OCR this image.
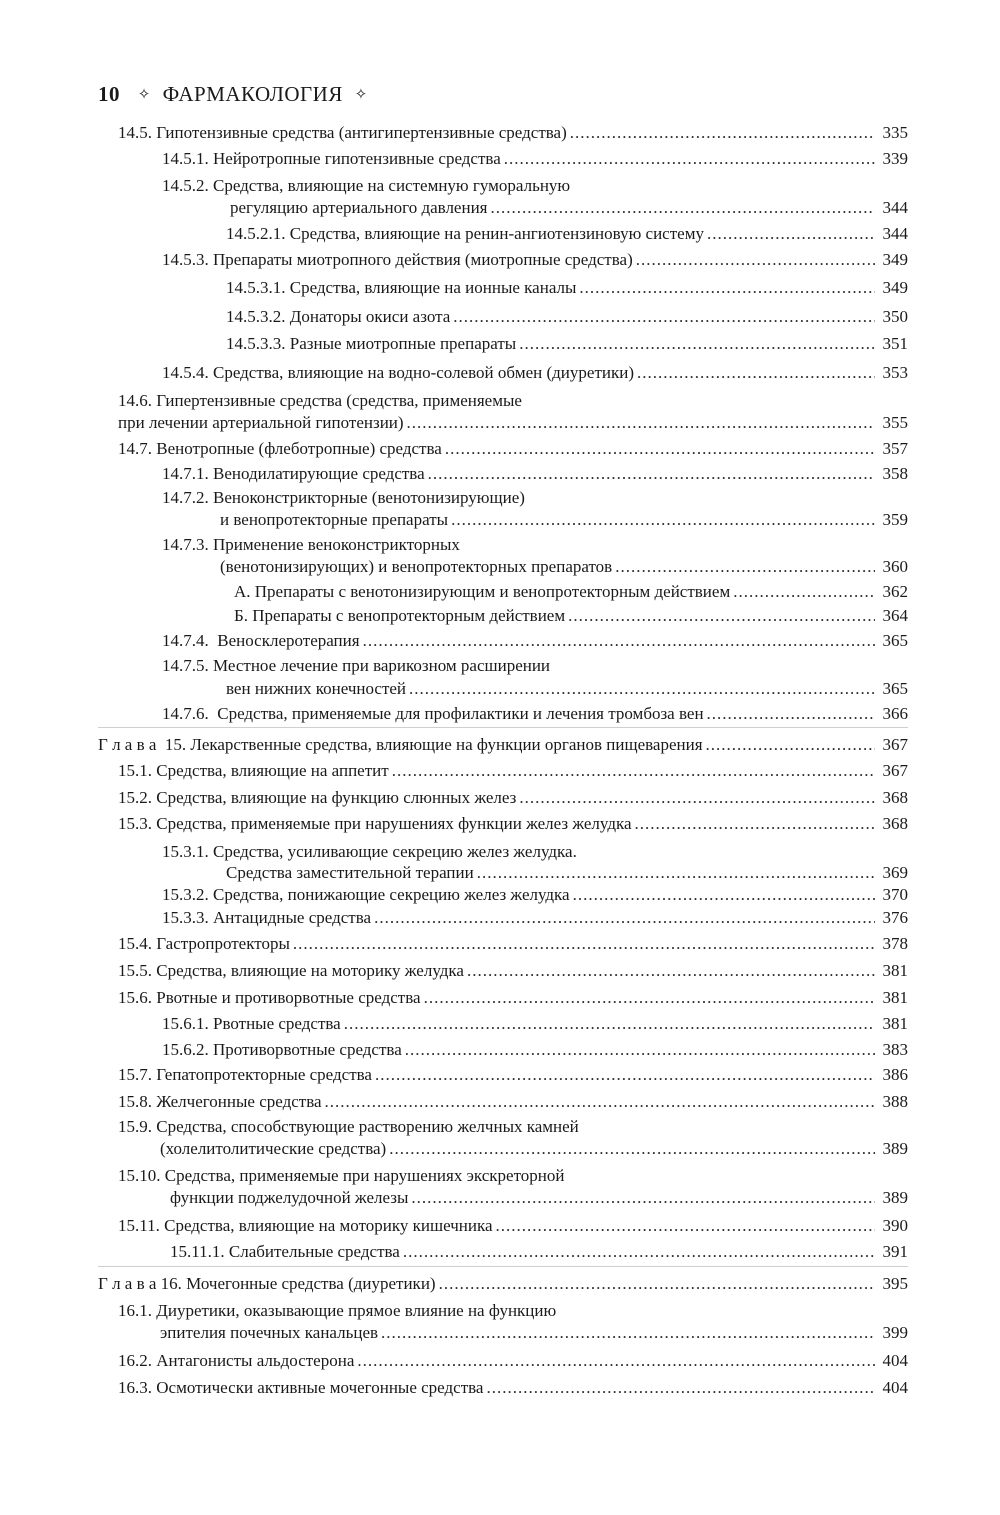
10 ✧ ФАРМАКОЛОГИЯ ✧
14.5. Гипотензивные средства (антигипертензивные средства) .....	335
14.5.1. Нейротропные гипотензивные средства .....	339
14.5.2. Средства, влияющие на системную гуморальную
регуляцию артериального давления .....	344
14.5.2.1. Средства, влияющие на ренин-ангиотензиновую систему .....	344
14.5.3. Препараты миотропного действия (миотропные средства) .....	349
14.5.3.1. Средства, влияющие на ионные каналы .....	349
14.5.3.2. Донаторы окиси азота .....	350
14.5.3.3. Разные миотропные препараты .....	351
14.5.4. Средства, влияющие на водно-солевой обмен (диуретики) .....	353
14.6. Гипертензивные средства (средства, применяемые
при лечении артериальной гипотензии) .....	355
14.7. Венотропные (флеботропные) средства .....	357
14.7.1. Венодилатирующие средства .....	358
14.7.2. Веноконстрикторные (венотонизирующие)
и венопротекторные препараты .....	359
14.7.3. Применение веноконстрикторных
(венотонизирующих) и венопротекторных препаратов .....	360
А. Препараты с венотонизирующим и венопротекторным действием .....	362
Б. Препараты с венопротекторным действием .....	364
14.7.4.  Веносклеротерапия .....	365
14.7.5. Местное лечение при варикозном расширении
вен нижних конечностей .....	365
14.7.6.  Средства, применяемые для профилактики и лечения тромбоза вен .....	366
Г л а в а  15. Лекарственные средства, влияющие на функции органов пищеварения .....	367
15.1. Средства, влияющие на аппетит .....	367
15.2. Средства, влияющие на функцию слюнных желез .....	368
15.3. Средства, применяемые при нарушениях функции желез желудка .....	368
15.3.1. Средства, усиливающие секрецию желез желудка.
Средства заместительной терапии .....	369
15.3.2. Средства, понижающие секрецию желез желудка .....	370
15.3.3. Антацидные средства .....	376
15.4. Гастропротекторы .....	378
15.5. Средства, влияющие на моторику желудка .....	381
15.6. Рвотные и противорвотные средства .....	381
15.6.1. Рвотные средства .....	381
15.6.2. Противорвотные средства .....	383
15.7. Гепатопротекторные средства .....	386
15.8. Желчегонные средства .....	388
15.9. Средства, способствующие растворению желчных камней
(холелитолитические средства) .....	389
15.10. Средства, применяемые при нарушениях экскреторной
функции поджелудочной железы .....	389
15.11. Средства, влияющие на моторику кишечника .....	390
15.11.1. Слабительные средства .....	391
Г л а в а 16. Мочегонные средства (диуретики) .....	395
16.1. Диуретики, оказывающие прямое влияние на функцию
эпителия почечных канальцев .....	399
16.2. Антагонисты альдостерона .....	404
16.3. Осмотически активные мочегонные средства .....	404
